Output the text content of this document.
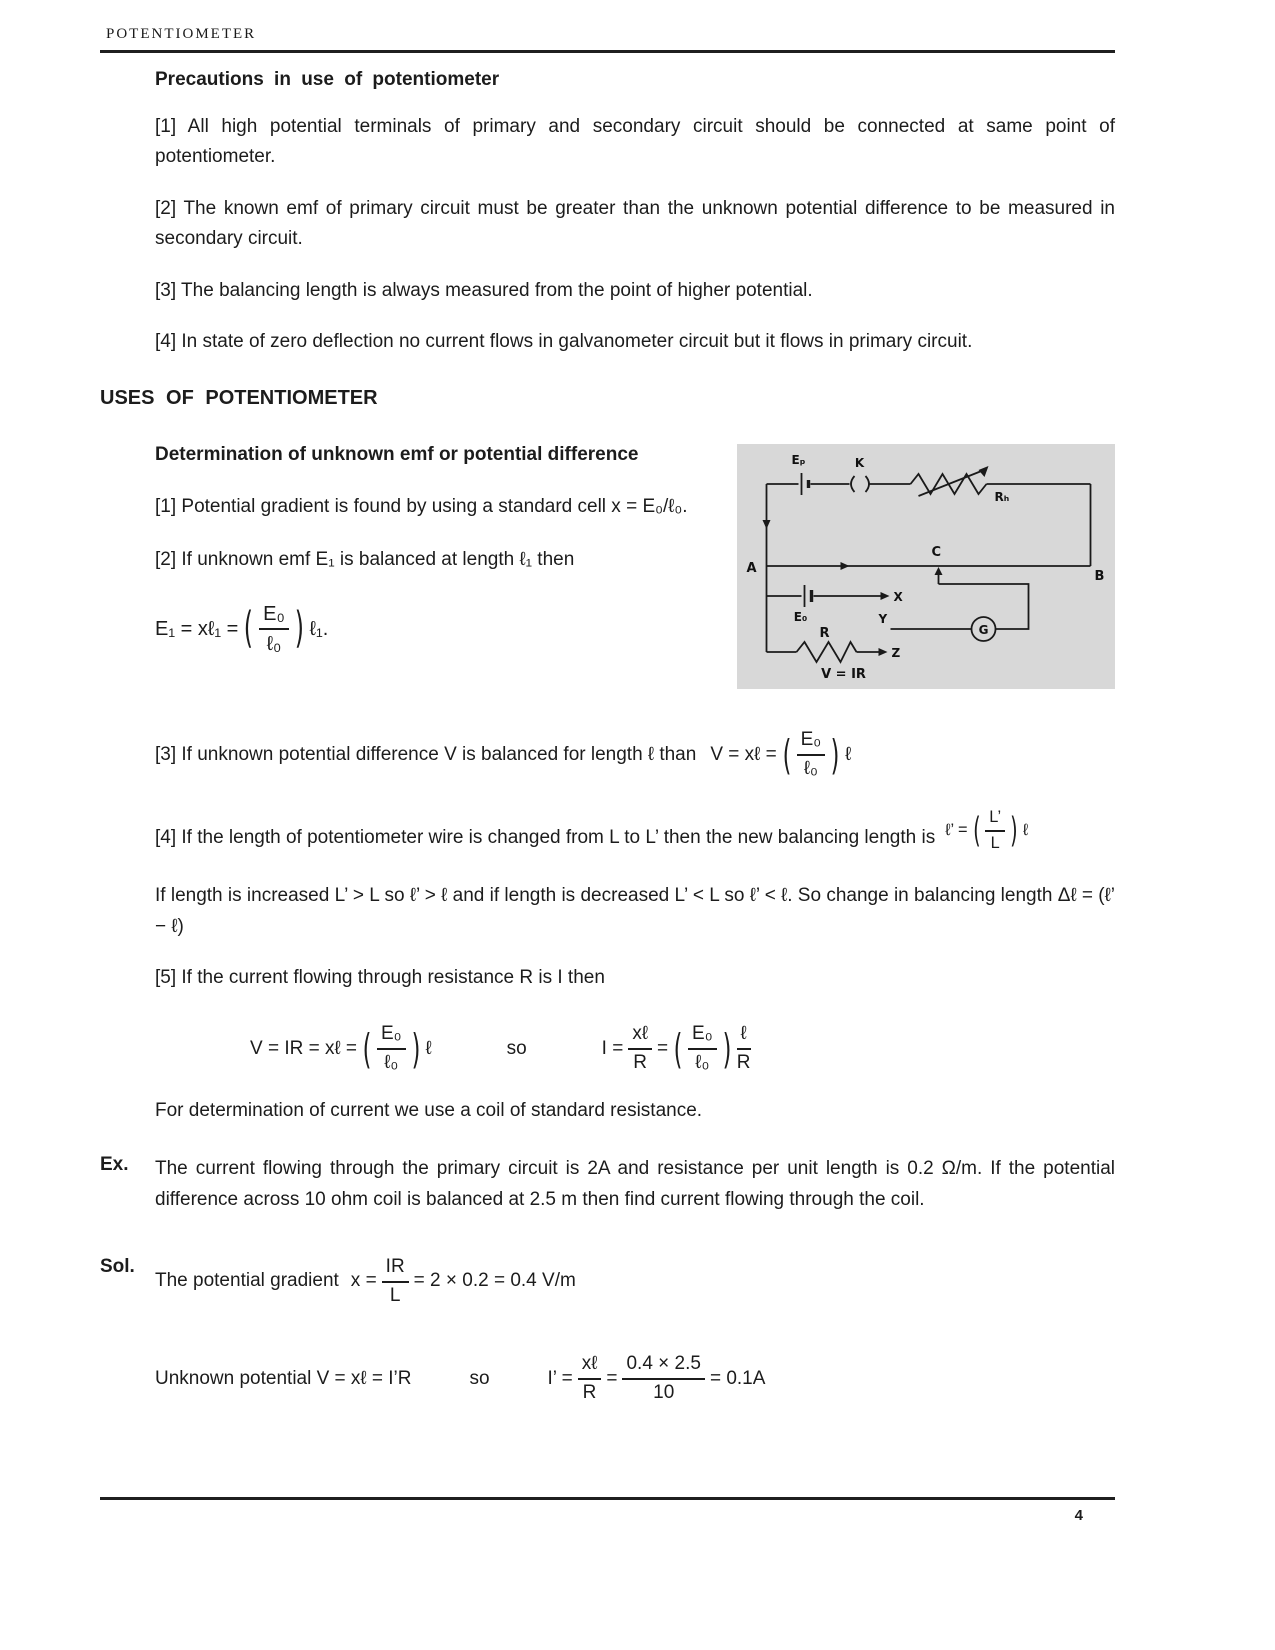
POTENTIOMETER
Precautions in use of potentiometer

[1] All high potential terminals of primary and secondary circuit should be connected at same point of potentiometer.

[2] The known emf of primary circuit must be greater than the unknown potential difference to be measured in secondary circuit.

[3] The balancing length is always measured from the point of higher potential.

[4] In state of zero deflection no current flows in galvanometer circuit but it flows in primary circuit.

USES OF POTENTIOMETER
Determination of unknown emf or potential difference

[1] Potential gradient is found by using a standard cell x = E₀/ℓ₀.

[2] If unknown emf E₁ is balanced at length ℓ₁ then

E₁ = xℓ₁ = ( $\frac{\text{E₀}}{\text{ℓ₀}}$ ) ℓ₁.
Eₚ	K
Rₕ
A
B
C
X
Y
Z
E₀
R	G
V = IR
[3] If unknown potential difference V is balanced for length ℓ than V = xℓ = ( $\frac{\text{E₀}}{\text{ℓ₀}}$ ) ℓ
[4] If the length of potentiometer wire is changed from L to L’ then the new balancing length is ℓ’ = ( $\frac{L’}{L}$ ) ℓ

If length is increased L’ > L so ℓ’ > ℓ and if length is decreased L’ < L so ℓ’ < ℓ. So change in balancing length Δℓ = (ℓ’ − ℓ)

[5] If the current flowing through resistance R is I then

V = IR = xℓ = ( $\frac{\text{E₀}}{\text{ℓ₀}}$ ) ℓ	so	$I = \frac{\text{xℓ}}{R}$ = ( $\frac{\text{E₀}}{\text{ℓ₀}}$ ) $\frac{\text{ℓ}}{R}$

For determination of current we use a coil of standard resistance.

Ex.	The current flowing through the primary circuit is 2A and resistance per unit length is 0.2 Ω/m. If the potential difference across 10 ohm coil is balanced at 2.5 m then find current flowing through the coil.
Sol.
The potential gradient $x = \frac{IR}{L} = 2 \times 0.2 = 0.4$ V/m
Unknown potential V = xℓ = I’R	so	I’ = $\frac{\text{xℓ}}{R} = \frac{0.4 \times 2.5}{10} = 0.1A$
4
